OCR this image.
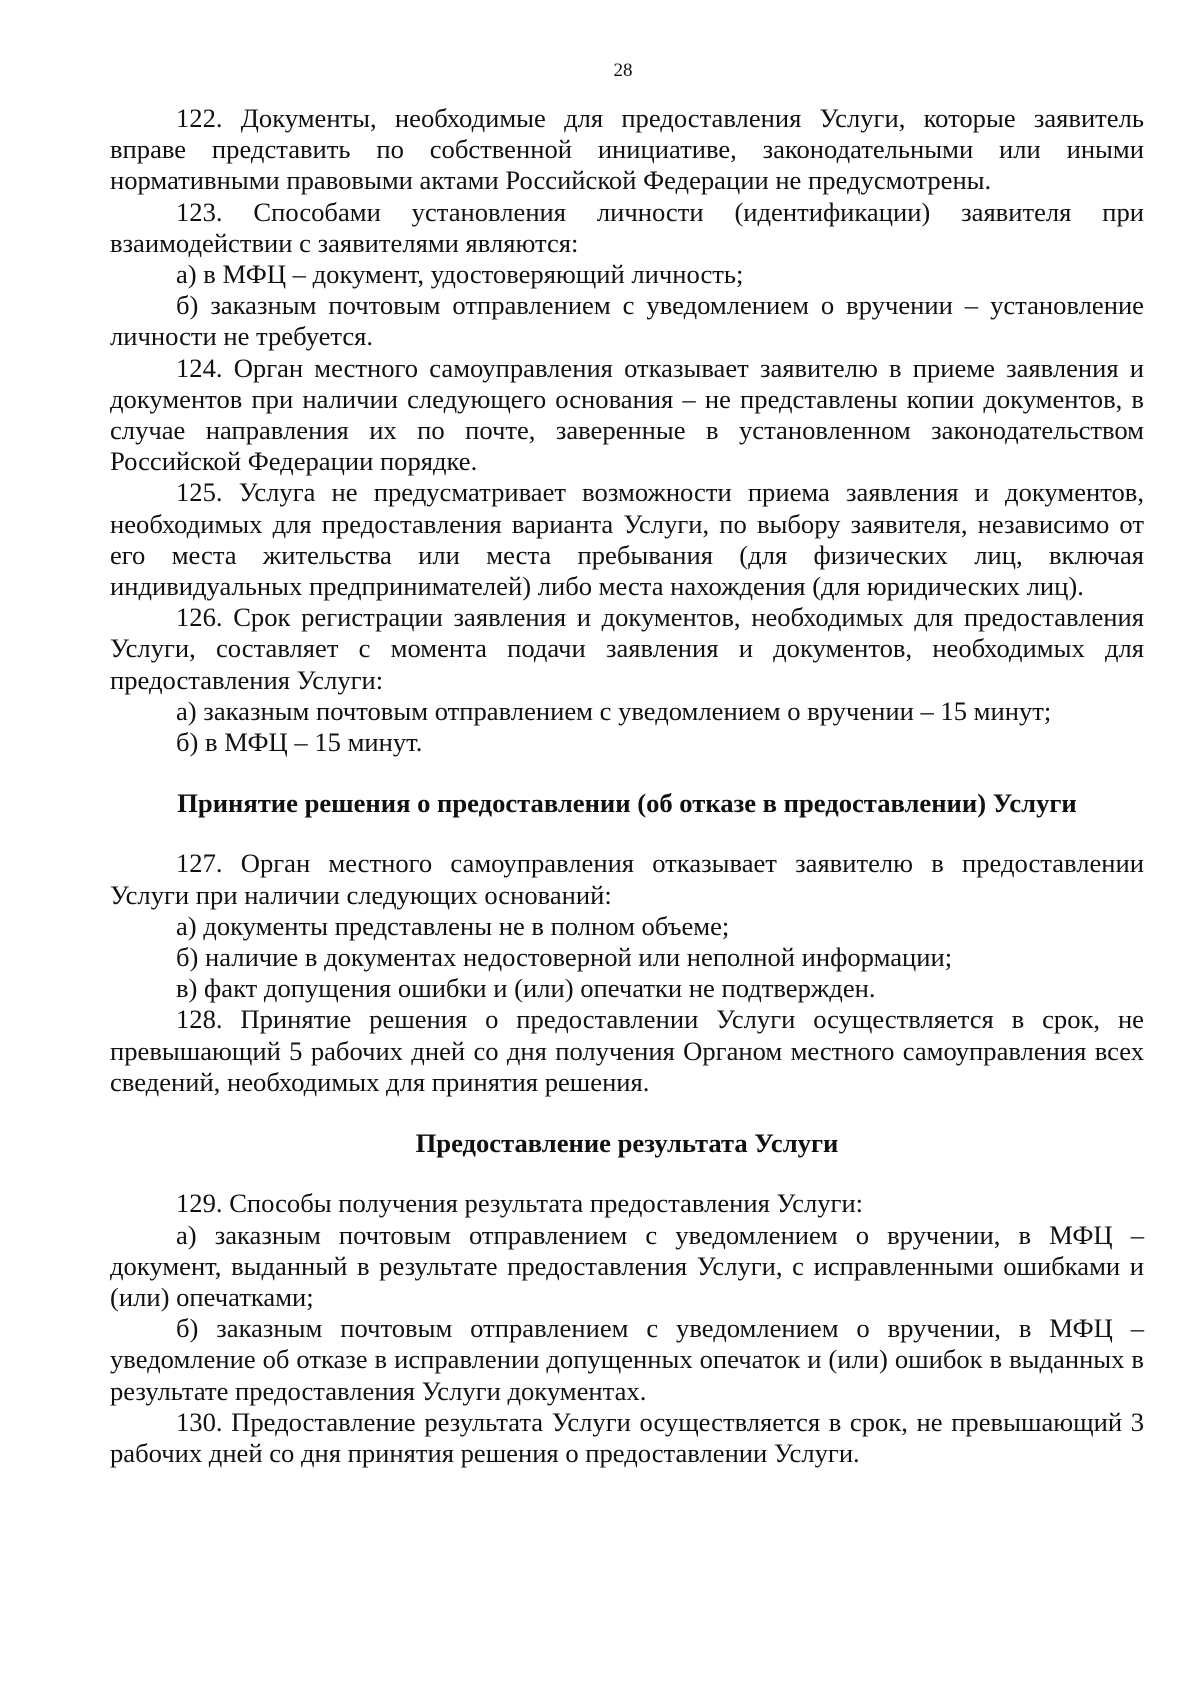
28

122. Документы, необходимые для предоставления Услуги, которые заявитель вправе представить по собственной инициативе, законодательными или иными нормативными правовыми актами Российской Федерации не предусмотрены.

123. Способами установления личности (идентификации) заявителя при взаимодействии с заявителями являются:

а) в МФЦ – документ, удостоверяющий личность;

б) заказным почтовым отправлением с уведомлением о вручении – установление личности не требуется.

124. Орган местного самоуправления отказывает заявителю в приеме заявления и документов при наличии следующего основания – не представлены копии документов, в случае направления их по почте, заверенные в установленном законодательством Российской Федерации порядке.

125. Услуга не предусматривает возможности приема заявления и документов, необходимых для предоставления варианта Услуги, по выбору заявителя, независимо от его места жительства или места пребывания (для физических лиц, включая индивидуальных предпринимателей) либо места нахождения (для юридических лиц).

126. Срок регистрации заявления и документов, необходимых для предоставления Услуги, составляет с момента подачи заявления и документов, необходимых для предоставления Услуги:

а) заказным почтовым отправлением с уведомлением о вручении – 15 минут;

б) в МФЦ – 15 минут.

Принятие решения о предоставлении (об отказе в предоставлении) Услуги

127. Орган местного самоуправления отказывает заявителю в предоставлении Услуги при наличии следующих оснований:

а) документы представлены не в полном объеме;

б) наличие в документах недостоверной или неполной информации;

в) факт допущения ошибки и (или) опечатки не подтвержден.

128. Принятие решения о предоставлении Услуги осуществляется в срок, не превышающий 5 рабочих дней со дня получения Органом местного самоуправления всех сведений, необходимых для принятия решения.

Предоставление результата Услуги

129. Способы получения результата предоставления Услуги:

а) заказным почтовым отправлением с уведомлением о вручении, в МФЦ – документ, выданный в результате предоставления Услуги, с исправленными ошибками и (или) опечатками;

б) заказным почтовым отправлением с уведомлением о вручении, в МФЦ – уведомление об отказе в исправлении допущенных опечаток и (или) ошибок в выданных в результате предоставления Услуги документах.

130. Предоставление результата Услуги осуществляется в срок, не превышающий 3 рабочих дней со дня принятия решения о предоставлении Услуги.
